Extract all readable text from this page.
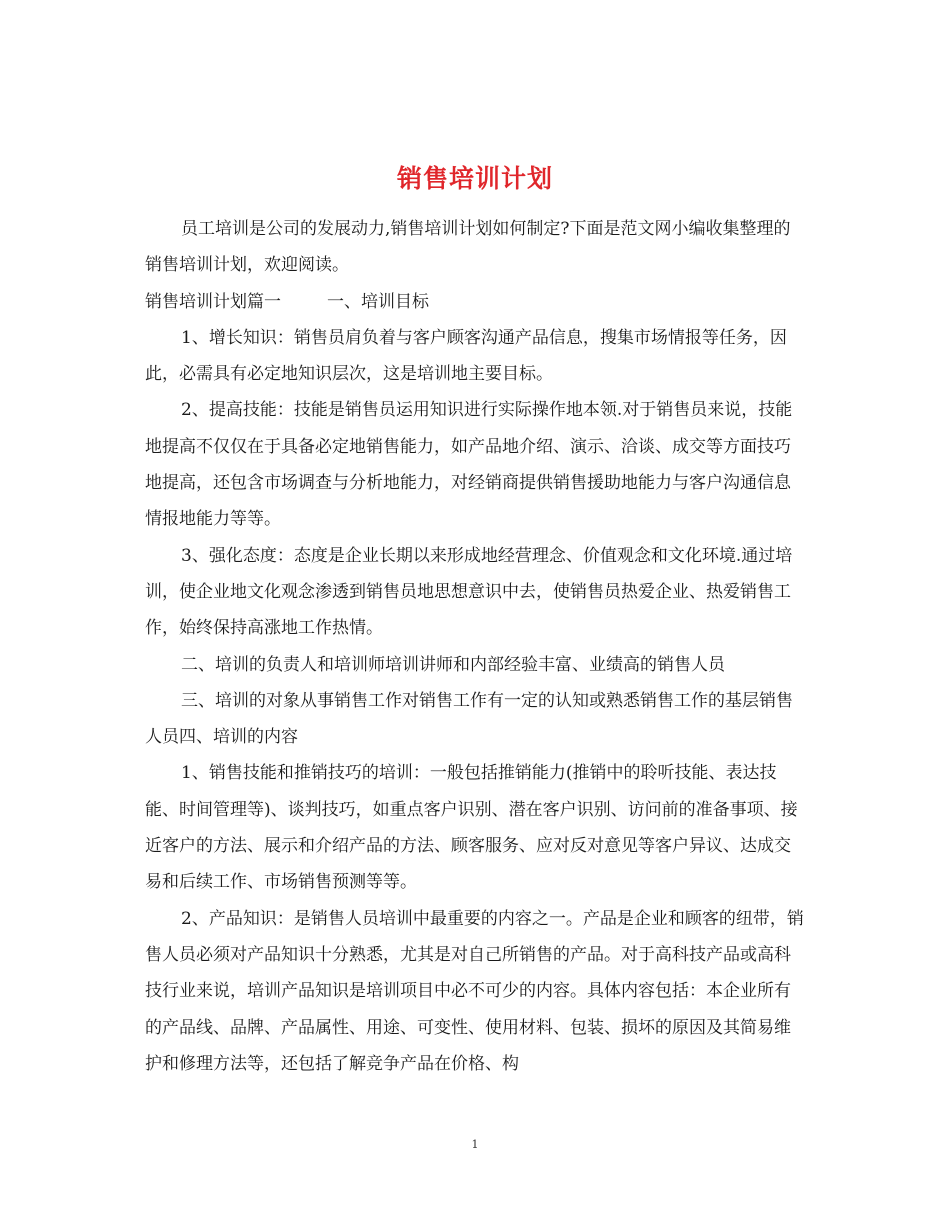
销售培训计划

员工培训是公司的发展动力,销售培训计划如何制定?下面是范文网小编收集整理的销售培训计划，欢迎阅读。

销售培训计划篇一	一、培训目标

1、增长知识：销售员肩负着与客户顾客沟通产品信息，搜集市场情报等任务，因此，必需具有必定地知识层次，这是培训地主要目标。

2、提高技能：技能是销售员运用知识进行实际操作地本领.对于销售员来说，技能地提高不仅仅在于具备必定地销售能力，如产品地介绍、演示、洽谈、成交等方面技巧地提高，还包含市场调查与分析地能力，对经销商提供销售援助地能力与客户沟通信息情报地能力等等。

3、强化态度：态度是企业长期以来形成地经营理念、价值观念和文化环境.通过培训，使企业地文化观念渗透到销售员地思想意识中去，使销售员热爱企业、热爱销售工作，始终保持高涨地工作热情。

二、培训的负责人和培训师培训讲师和内部经验丰富、业绩高的销售人员

三、培训的对象从事销售工作对销售工作有一定的认知或熟悉销售工作的基层销售人员四、培训的内容

1、销售技能和推销技巧的培训：一般包括推销能力(推销中的聆听技能、表达技能、时间管理等)、谈判技巧，如重点客户识别、潜在客户识别、访问前的准备事项、接近客户的方法、展示和介绍产品的方法、顾客服务、应对反对意见等客户异议、达成交易和后续工作、市场销售预测等等。

2、产品知识：是销售人员培训中最重要的内容之一。产品是企业和顾客的纽带，销售人员必须对产品知识十分熟悉，尤其是对自己所销售的产品。对于高科技产品或高科技行业来说，培训产品知识是培训项目中必不可少的内容。具体内容包括：本企业所有的产品线、品牌、产品属性、用途、可变性、使用材料、包装、损坏的原因及其简易维护和修理方法等，还包括了解竞争产品在价格、构

1
